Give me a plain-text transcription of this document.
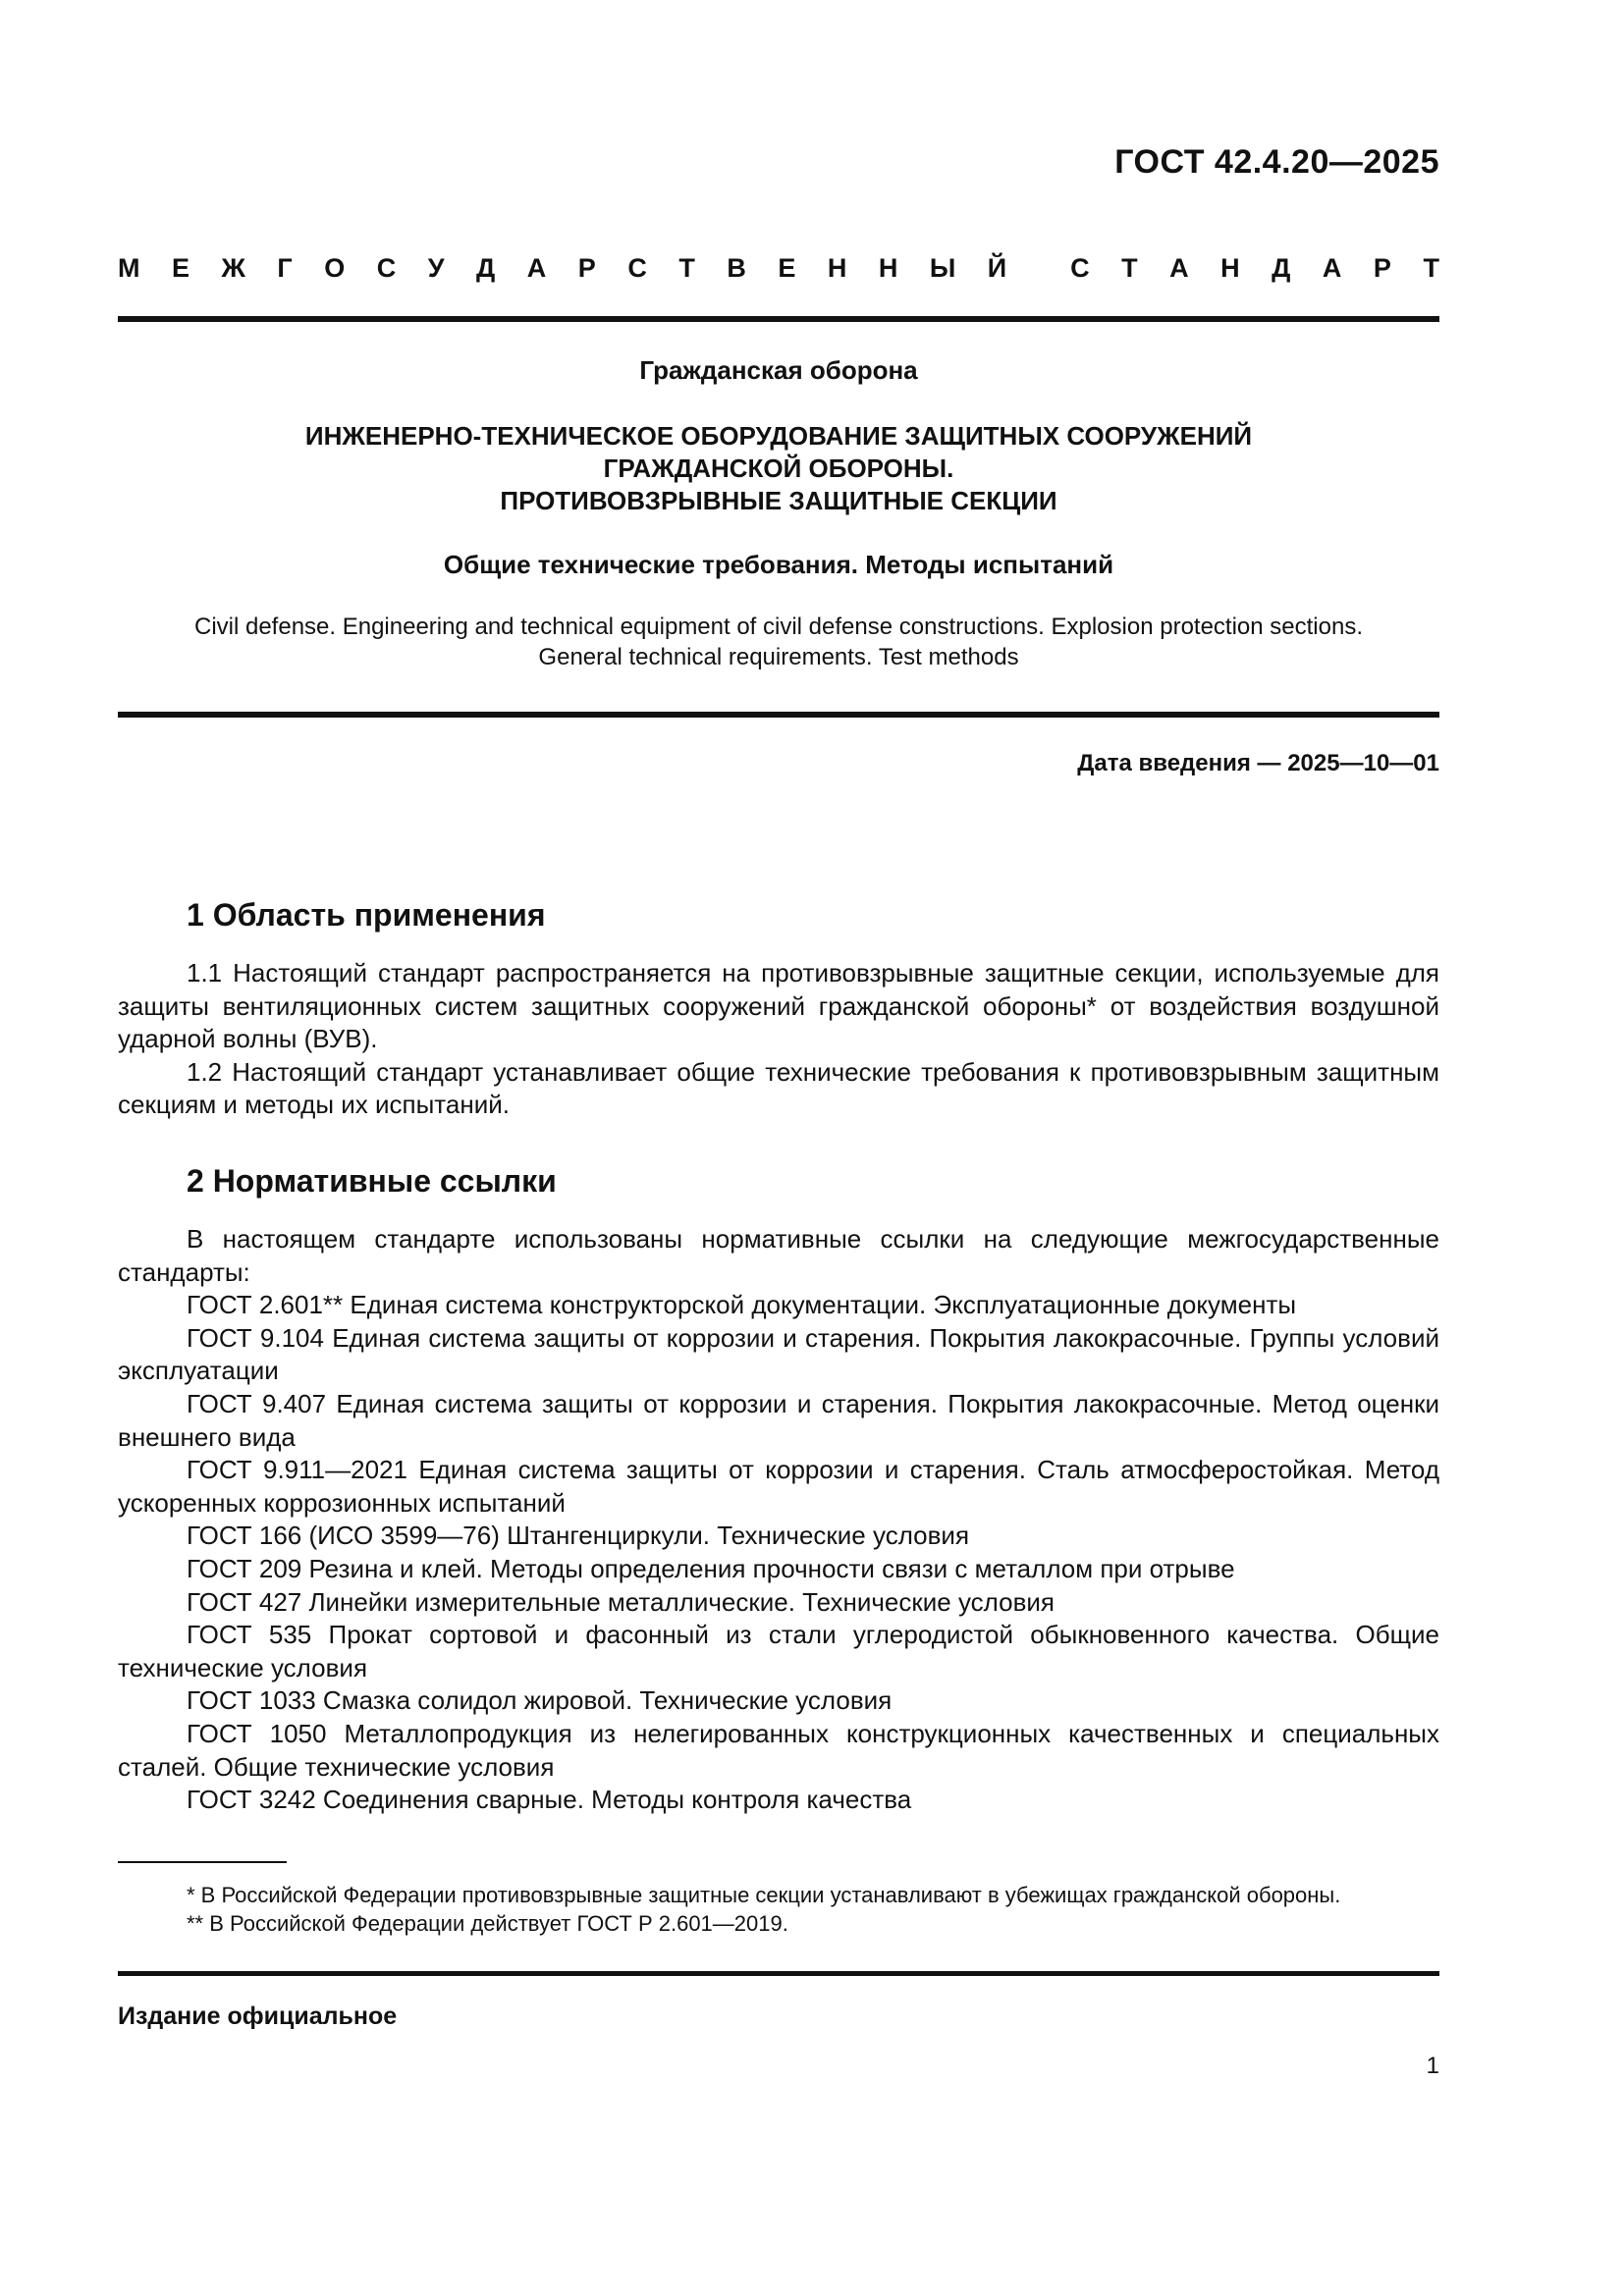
ГОСТ 42.4.20—2025
М Е Ж Г О С У Д А Р С Т В Е Н Н Ы Й С Т А Н Д А Р Т
Гражданская оборона
ИНЖЕНЕРНО-ТЕХНИЧЕСКОЕ ОБОРУДОВАНИЕ ЗАЩИТНЫХ СООРУЖЕНИЙ
ГРАЖДАНСКОЙ ОБОРОНЫ.
ПРОТИВОВЗРЫВНЫЕ ЗАЩИТНЫЕ СЕКЦИИ
Общие технические требования. Методы испытаний
Civil defense. Engineering and technical equipment of civil defense constructions. Explosion protection sections.
General technical requirements. Test methods
Дата введения — 2025—10—01
1 Область применения

1.1 Настоящий стандарт распространяется на противовзрывные защитные секции, используемые для защиты вентиляционных систем защитных сооружений гражданской обороны* от воздействия воздушной ударной волны (ВУВ).

1.2 Настоящий стандарт устанавливает общие технические требования к противовзрывным защитным секциям и методы их испытаний.

2 Нормативные ссылки

В настоящем стандарте использованы нормативные ссылки на следующие межгосударственные стандарты:

ГОСТ 2.601** Единая система конструкторской документации. Эксплуатационные документы

ГОСТ 9.104 Единая система защиты от коррозии и старения. Покрытия лакокрасочные. Группы условий эксплуатации

ГОСТ 9.407 Единая система защиты от коррозии и старения. Покрытия лакокрасочные. Метод оценки внешнего вида

ГОСТ 9.911—2021 Единая система защиты от коррозии и старения. Сталь атмосферостойкая. Метод ускоренных коррозионных испытаний

ГОСТ 166 (ИСО 3599—76) Штангенциркули. Технические условия

ГОСТ 209 Резина и клей. Методы определения прочности связи с металлом при отрыве

ГОСТ 427 Линейки измерительные металлические. Технические условия

ГОСТ 535 Прокат сортовой и фасонный из стали углеродистой обыкновенного качества. Общие технические условия

ГОСТ 1033 Смазка солидол жировой. Технические условия

ГОСТ 1050 Металлопродукция из нелегированных конструкционных качественных и специальных сталей. Общие технические условия

ГОСТ 3242 Соединения сварные. Методы контроля качества

* В Российской Федерации противовзрывные защитные секции устанавливают в убежищах гражданской обороны.

** В Российской Федерации действует ГОСТ Р 2.601—2019.

Издание официальное
1
